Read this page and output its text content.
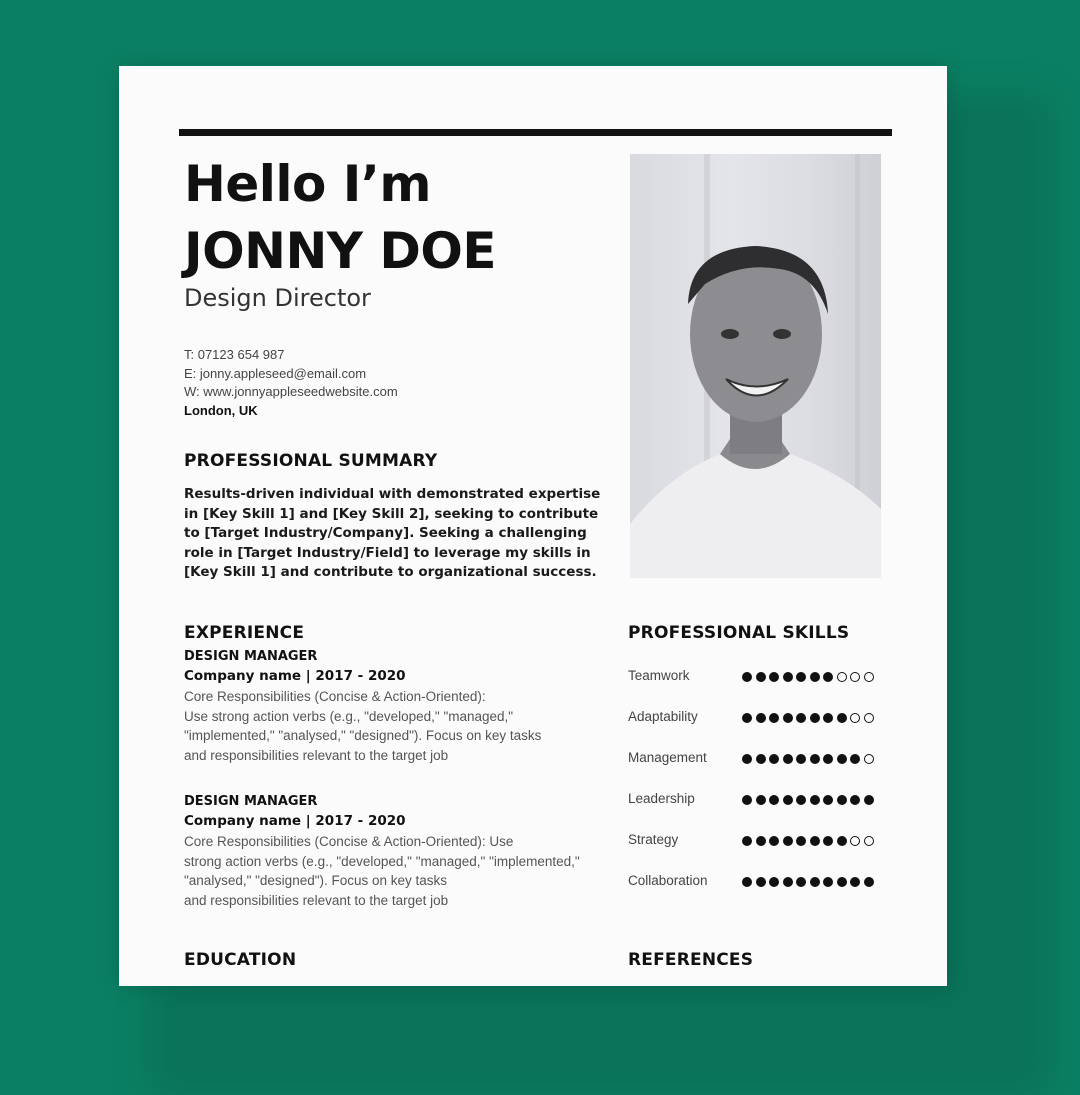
Hello I’m
JONNY DOE
Design Director
T: 07123 654 987
E: jonny.appleseed@email.com
W: www.jonnyappleseedwebsite.com
London, UK
PROFESSIONAL SUMMARY
Results-driven individual with demonstrated expertise in [Key Skill 1] and [Key Skill 2], seeking to contribute to [Target Industry/Company]. Seeking a challenging role in [Target Industry/Field] to leverage my skills in [Key Skill 1] and contribute to organizational success.
EXPERIENCE
DESIGN MANAGER
Company name | 2017 - 2020
Core Responsibilities (Concise & Action-Oriented):
Use strong action verbs (e.g., "developed," "managed,"
"implemented," "analysed," "designed"). Focus on key tasks
and responsibilities relevant to the target job
DESIGN MANAGER
Company name | 2017 - 2020
Core Responsibilities (Concise & Action-Oriented): Use
strong action verbs (e.g., "developed," "managed," "implemented,"
"analysed," "designed"). Focus on key tasks
and responsibilities relevant to the target job
PROFESSIONAL SKILLS
Teamwork
Adaptability
Management
Leadership
Strategy
Collaboration
EDUCATION	REFERENCES
